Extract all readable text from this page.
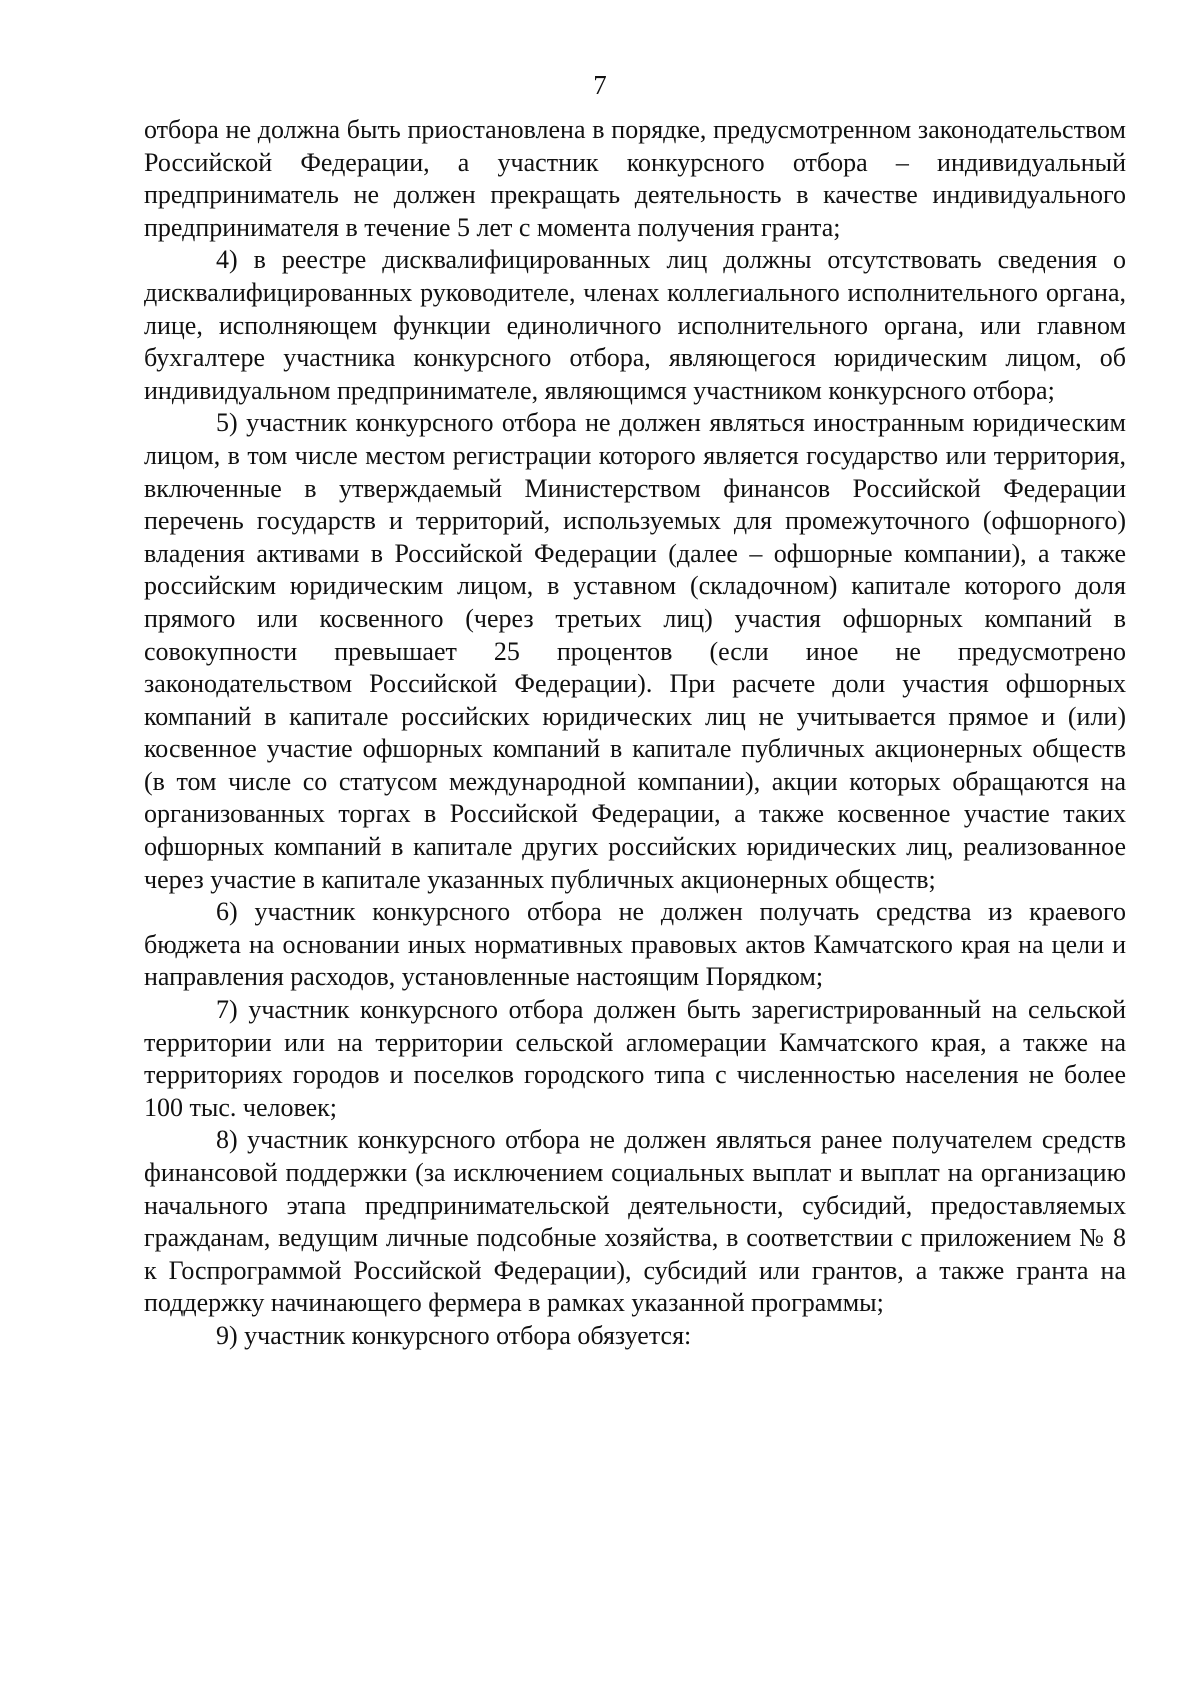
7

отбора не должна быть приостановлена в порядке, предусмотренном законодательством Российской Федерации, а участник конкурсного отбора – индивидуальный предприниматель не должен прекращать деятельность в качестве индивидуального предпринимателя в течение 5 лет с момента получения гранта;

4) в реестре дисквалифицированных лиц должны отсутствовать сведения о дисквалифицированных руководителе, членах коллегиального исполнительного органа, лице, исполняющем функции единоличного исполнительного органа, или главном бухгалтере участника конкурсного отбора, являющегося юридическим лицом, об индивидуальном предпринимателе, являющимся участником конкурсного отбора;

5) участник конкурсного отбора не должен являться иностранным юридическим лицом, в том числе местом регистрации которого является государство или территория, включенные в утверждаемый Министерством финансов Российской Федерации перечень государств и территорий, используемых для промежуточного (офшорного) владения активами в Российской Федерации (далее – офшорные компании), а также российским юридическим лицом, в уставном (складочном) капитале которого доля прямого или косвенного (через третьих лиц) участия офшорных компаний в совокупности превышает 25 процентов (если иное не предусмотрено законодательством Российской Федерации). При расчете доли участия офшорных компаний в капитале российских юридических лиц не учитывается прямое и (или) косвенное участие офшорных компаний в капитале публичных акционерных обществ (в том числе со статусом международной компании), акции которых обращаются на организованных торгах в Российской Федерации, а также косвенное участие таких офшорных компаний в капитале других российских юридических лиц, реализованное через участие в капитале указанных публичных акционерных обществ;

6) участник конкурсного отбора не должен получать средства из краевого бюджета на основании иных нормативных правовых актов Камчатского края на цели и направления расходов, установленные настоящим Порядком;

7) участник конкурсного отбора должен быть зарегистрированный на сельской территории или на территории сельской агломерации Камчатского края, а также на территориях городов и поселков городского типа с численностью населения не более 100 тыс. человек;

8) участник конкурсного отбора не должен являться ранее получателем средств финансовой поддержки (за исключением социальных выплат и выплат на организацию начального этапа предпринимательской деятельности, субсидий, предоставляемых гражданам, ведущим личные подсобные хозяйства, в соответствии с приложением № 8 к Госпрограммой Российской Федерации), субсидий или грантов, а также гранта на поддержку начинающего фермера в рамках указанной программы;

9) участник конкурсного отбора обязуется:
